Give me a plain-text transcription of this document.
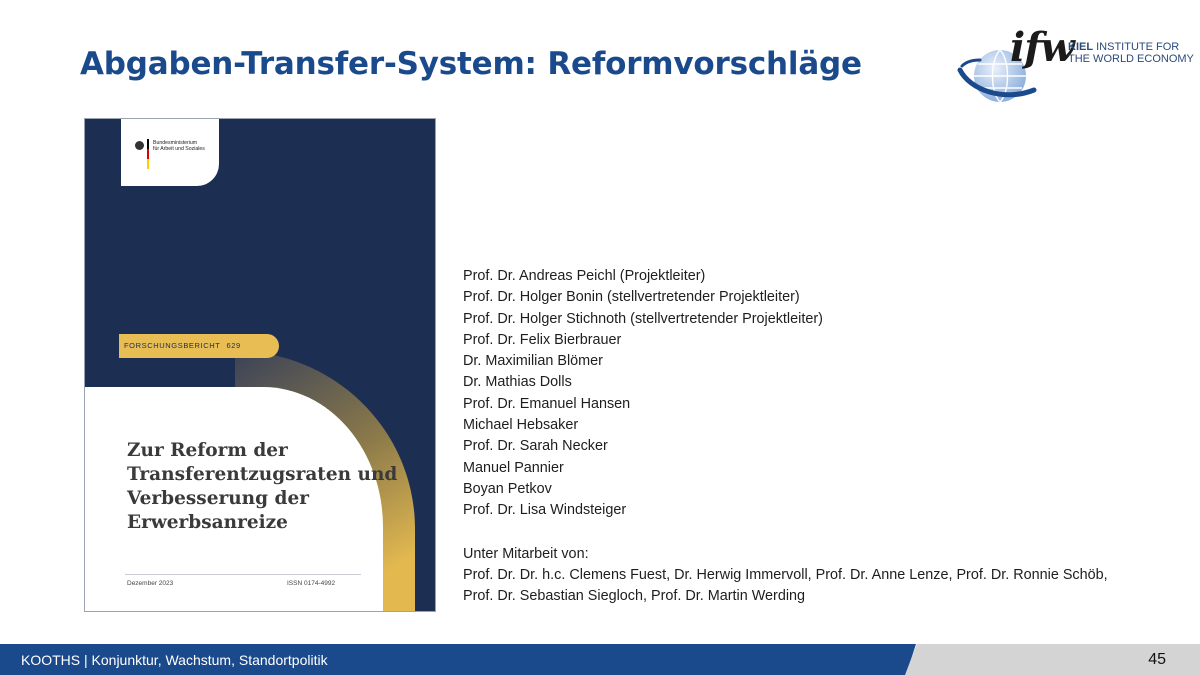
Abgaben-Transfer-System: Reformvorschläge	ifw
KIEL INSTITUTE FOR
THE WORLD ECONOMY
Bundesministerium
für Arbeit und Soziales
FORSCHUNGSBERICHT 629
Zur Reform der
Transferentzugsraten und
Verbesserung der
Erwerbsanreize
Dezember 2023	ISSN 0174-4992
Prof. Dr. Andreas Peichl (Projektleiter)
Prof. Dr. Holger Bonin (stellvertretender Projektleiter)
Prof. Dr. Holger Stichnoth (stellvertretender Projektleiter)
Prof. Dr. Felix Bierbrauer
Dr. Maximilian Blömer
Dr. Mathias Dolls
Prof. Dr. Emanuel Hansen
Michael Hebsaker
Prof. Dr. Sarah Necker
Manuel Pannier
Boyan Petkov
Prof. Dr. Lisa Windsteiger
Unter Mitarbeit von:
Prof. Dr. Dr. h.c. Clemens Fuest, Dr. Herwig Immervoll, Prof. Dr. Anne Lenze, Prof. Dr. Ronnie Schöb,
Prof. Dr. Sebastian Siegloch, Prof. Dr. Martin Werding
KOOTHS | Konjunktur, Wachstum, Standortpolitik	45
